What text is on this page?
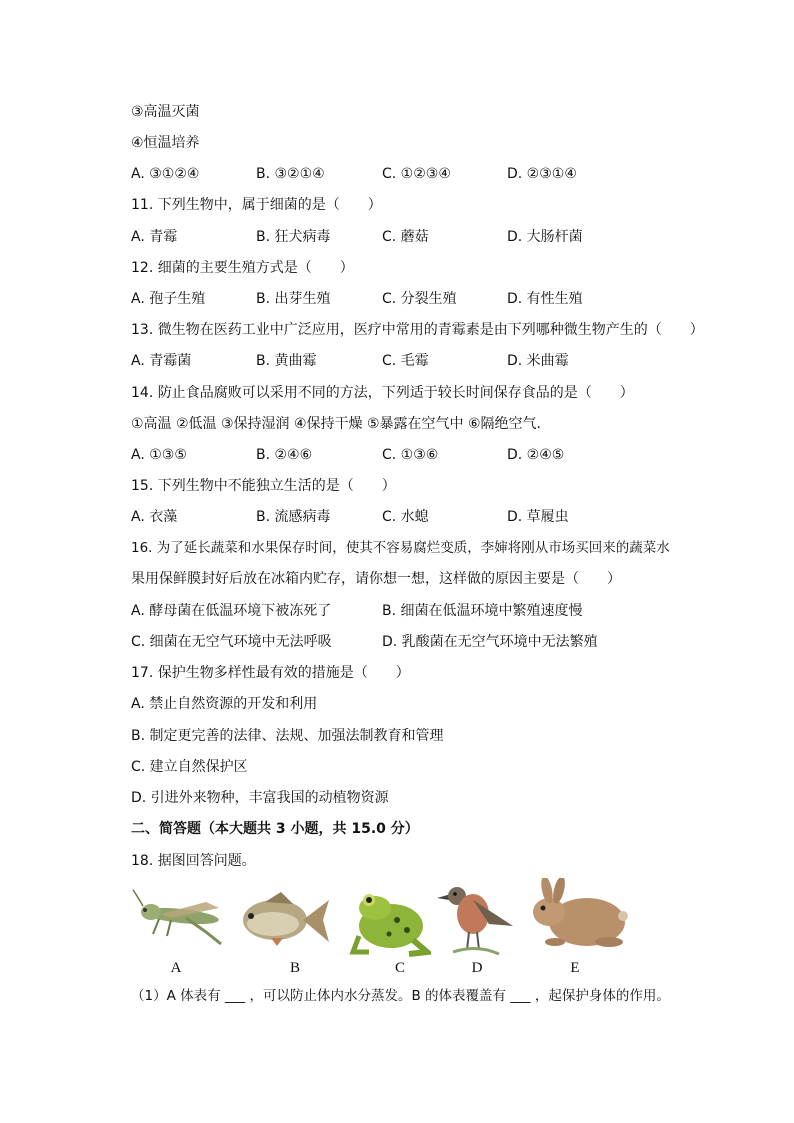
③高温灭菌
④恒温培养
A. ③①②④	B. ③②①④	C. ①②③④	D. ②③①④
11. 下列生物中，属于细菌的是（　　）
A. 青霉	B. 狂犬病毒	C. 蘑菇	D. 大肠杆菌
12. 细菌的主要生殖方式是（　　）
A. 孢子生殖	B. 出芽生殖	C. 分裂生殖	D. 有性生殖
13. 微生物在医药工业中广泛应用，医疗中常用的青霉素是由下列哪种微生物产生的（　　）
A. 青霉菌	B. 黄曲霉	C. 毛霉	D. 米曲霉
14. 防止食品腐败可以采用不同的方法，下列适于较长时间保存食品的是（　　）
①高温 ②低温 ③保持湿润 ④保持干燥 ⑤暴露在空气中 ⑥隔绝空气．
A. ①③⑤	B. ②④⑥	C. ①③⑥	D. ②④⑤
15. 下列生物中不能独立生活的是（　　）
A. 衣藻	B. 流感病毒	C. 水螅	D. 草履虫
16. 为了延长蔬菜和水果保存时间，使其不容易腐烂变质，李婶将刚从市场买回来的蔬菜水
果用保鲜膜封好后放在冰箱内贮存，请你想一想，这样做的原因主要是（　　）
A. 酵母菌在低温环境下被冻死了	B. 细菌在低温环境中繁殖速度慢
C. 细菌在无空气环境中无法呼吸	D. 乳酸菌在无空气环境中无法繁殖
17. 保护生物多样性最有效的措施是（　　）
A. 禁止自然资源的开发和利用
B. 制定更完善的法律、法规、加强法制教育和管理
C. 建立自然保护区
D. 引进外来物种，丰富我国的动植物资源
二、简答题（本大题共 3 小题，共 15.0 分）
18. 据图回答问题。
A	B	C	D	E
（1）A 体表有 ___ ，可以防止体内水分蒸发。B 的体表覆盖有 ___ ，起保护身体的作用。
